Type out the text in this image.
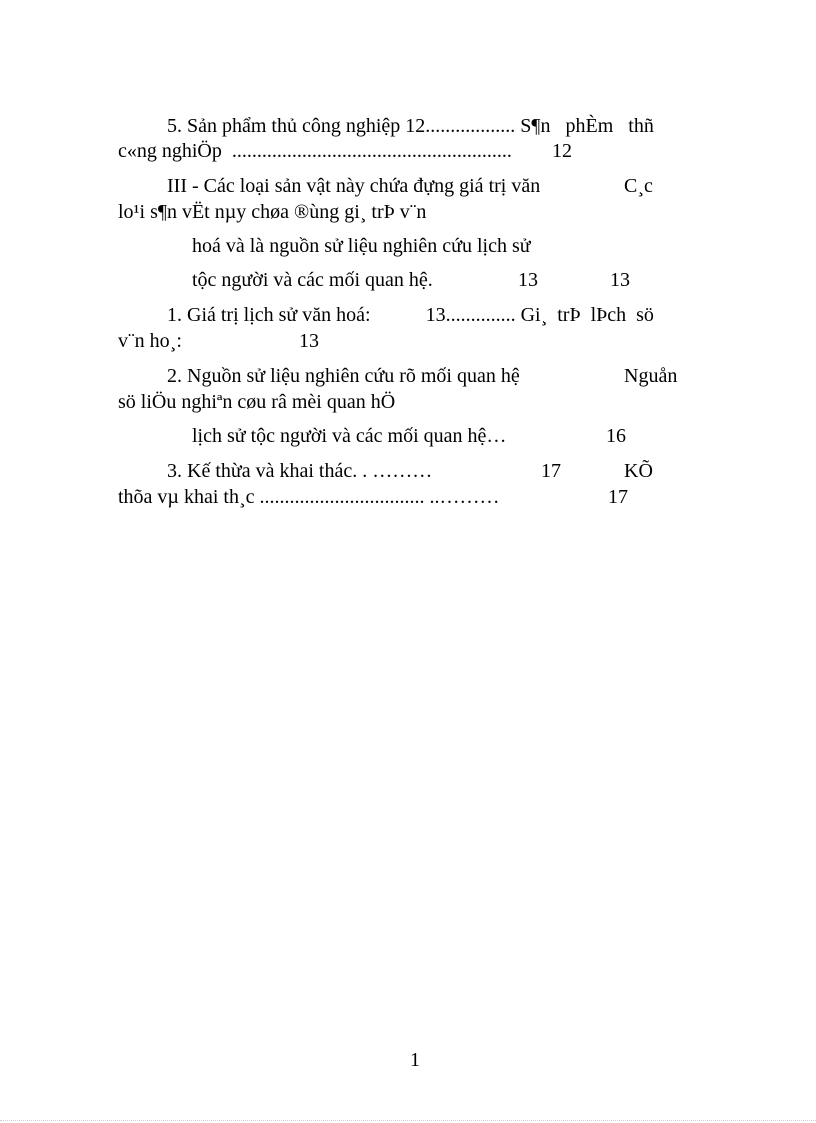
5. Sản phẩm thủ công nghiệp 12.................. S¶n   phÈm   thñ
c«ng nghiÖp  ........................................................ 12
III - Các loại sản vật này chứa đựng giá trị văn	C¸c
lo¹i s¶n vËt nµy chøa ®ùng gi¸ trÞ v¨n
hoá và là nguồn sử liệu nghiên cứu lịch sử
tộc người và các mối quan hệ.	13	13
1. Giá trị lịch sử văn hoá:           13.............. Gi¸  trÞ  lÞch  sö
v¨n ho¸:	13
2. Nguồn sử liệu nghiên cứu rõ mối quan hệ	Nguån
sö liÖu nghiªn cøu râ mèi quan hÖ
lịch sử tộc người và các mối quan hệ…	16
3. Kế thừa và khai thác. . ………	17	KÕ
thõa vµ khai th¸c ................................. ..………	17
1
